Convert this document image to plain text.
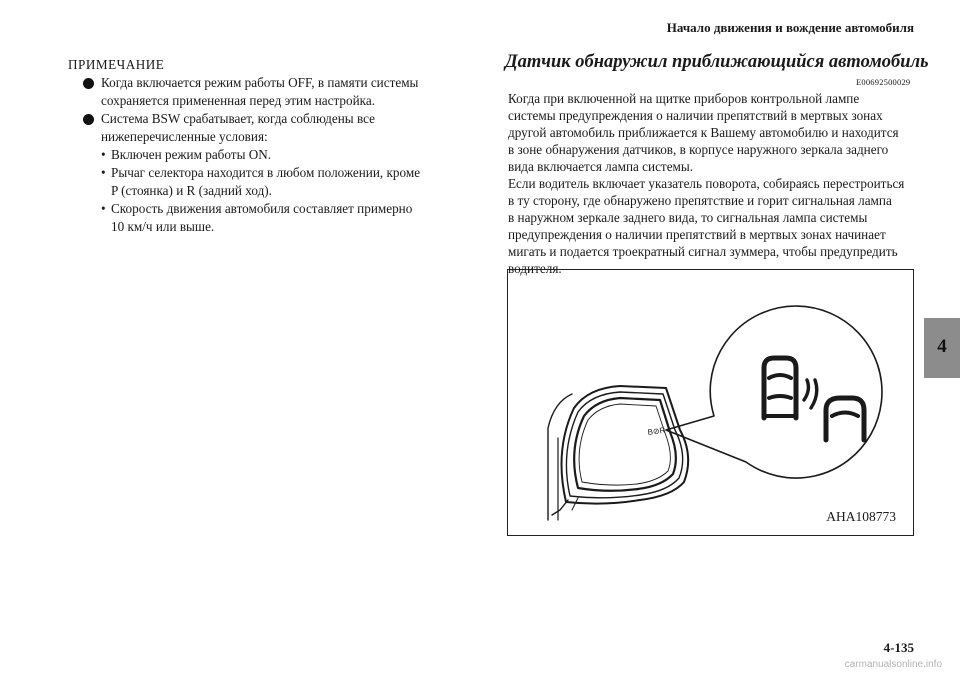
Начало движения и вождение автомобиля
4
ПРИМЕЧАНИЕ
Когда включается режим работы OFF, в памяти системы
сохраняется примененная перед этим настройка.
Система BSW срабатывает, когда соблюдены все
нижеперечисленные условия:
• Включен режим работы ON.
• Рычаг селектора находится в любом положении, кроме
P (стоянка) и R (задний ход).
• Скорость движения автомобиля составляет примерно
10 км/ч или выше.
Датчик обнаружил приближающийся автомобиль
E00692500029
Когда при включенной на щитке приборов контрольной лампе
системы предупреждения о наличии препятствий в мертвых зонах
другой автомобиль приближается к Вашему автомобилю и находится
в зоне обнаружения датчиков, в корпусе наружного зеркала заднего
вида включается лампа системы.
Если водитель включает указатель поворота, собираясь перестроиться
в ту сторону, где обнаружено препятствие и горит сигнальная лампа
в наружном зеркале заднего вида, то сигнальная лампа системы
предупреждения о наличии препятствий в мертвых зонах начинает
мигать и подается троекратный сигнал зуммера, чтобы предупредить
водителя.
B⊘R
AHA108773
4-135
carmanualsonline.info
